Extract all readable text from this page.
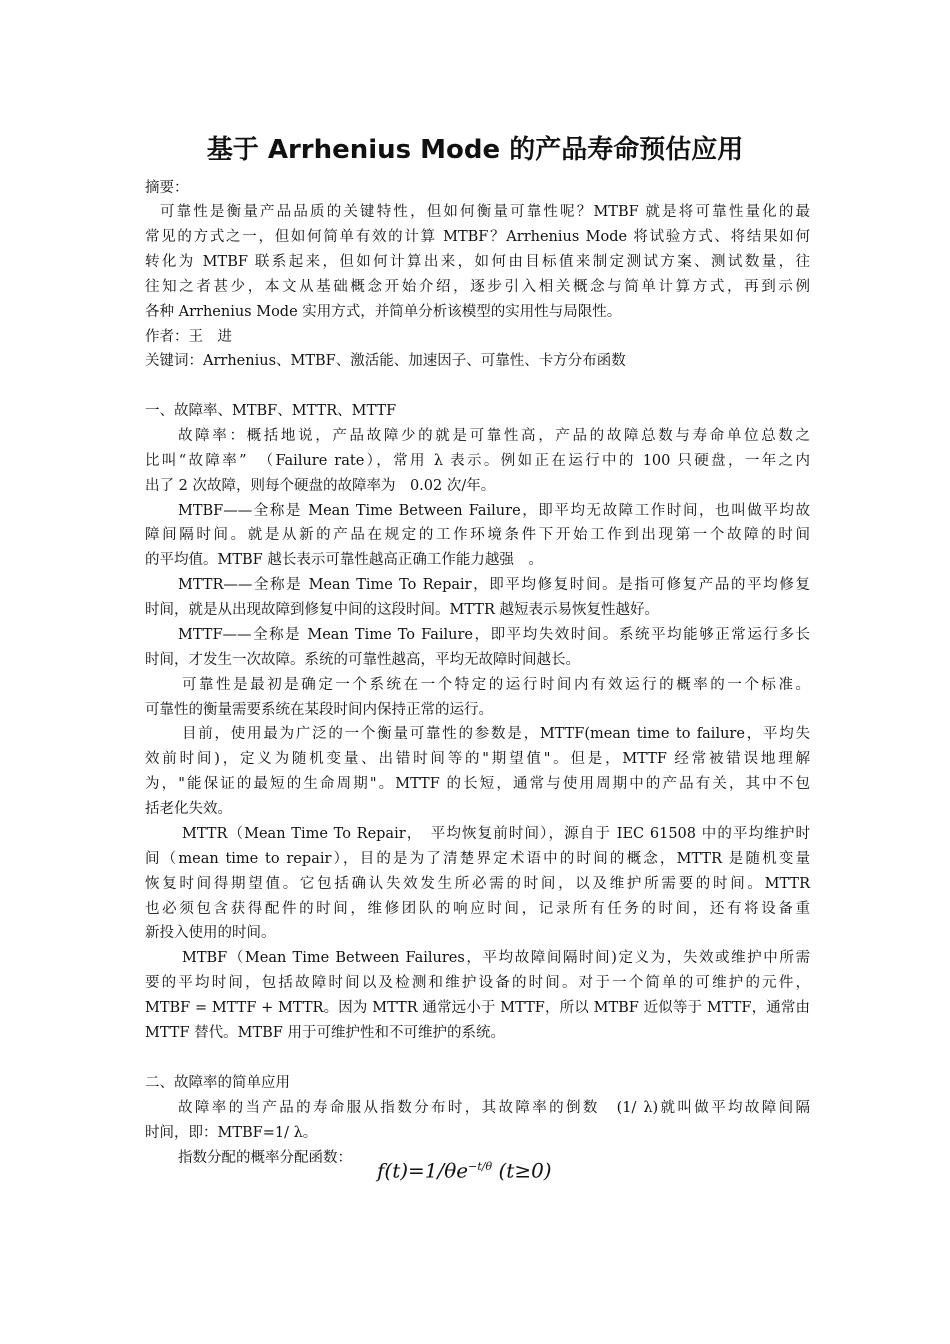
基于 Arrhenius Mode 的产品寿命预估应用
摘要：
可靠性是衡量产品品质的关键特性，但如何衡量可靠性呢？MTBF 就是将可靠性量化的最
常见的方式之一，但如何简单有效的计算 MTBF？Arrhenius Mode 将试验方式、将结果如何
转化为 MTBF 联系起来，但如何计算出来，如何由目标值来制定测试方案、测试数量，往
往知之者甚少，本文从基础概念开始介绍，逐步引入相关概念与简单计算方式，再到示例
各种 Arrhenius Mode 实用方式，并简单分析该模型的实用性与局限性。
作者：王　进
关键词：Arrhenius、MTBF、激活能、加速因子、可靠性、卡方分布函数
一、故障率、MTBF、MTTR、MTTF
故障率：概括地说，产品故障少的就是可靠性高，产品的故障总数与寿命单位总数之
比叫“故障率”　（Failure rate），常用 λ 表示。例如正在运行中的 100 只硬盘，一年之内
出了 2 次故障，则每个硬盘的故障率为　0.02 次/年。
MTBF——全称是 Mean Time Between Failure，即平均无故障工作时间，也叫做平均故
障间隔时间。就是从新的产品在规定的工作环境条件下开始工作到出现第一个故障的时间
的平均值。MTBF 越长表示可靠性越高正确工作能力越强　。
MTTR——全称是 Mean Time To Repair，即平均修复时间。是指可修复产品的平均修复
时间，就是从出现故障到修复中间的这段时间。MTTR 越短表示易恢复性越好。
MTTF——全称是 Mean Time To Failure，即平均失效时间。系统平均能够正常运行多长
时间，才发生一次故障。系统的可靠性越高，平均无故障时间越长。
可靠性是最初是确定一个系统在一个特定的运行时间内有效运行的概率的一个标准。
可靠性的衡量需要系统在某段时间内保持正常的运行。
目前，使用最为广泛的一个衡量可靠性的参数是，MTTF(mean time to failure，平均失
效前时间)，定义为随机变量、出错时间等的"期望值"。但是，MTTF 经常被错误地理解
为，"能保证的最短的生命周期"。MTTF 的长短，通常与使用周期中的产品有关，其中不包
括老化失效。
MTTR（Mean Time To Repair，　平均恢复前时间），源自于 IEC 61508 中的平均维护时
间（mean time to repair），目的是为了清楚界定术语中的时间的概念，MTTR 是随机变量
恢复时间得期望值。它包括确认失效发生所必需的时间，以及维护所需要的时间。MTTR
也必须包含获得配件的时间，维修团队的响应时间，记录所有任务的时间，还有将设备重
新投入使用的时间。
MTBF（Mean Time Between Failures，平均故障间隔时间)定义为，失效或维护中所需
要的平均时间，包括故障时间以及检测和维护设备的时间。对于一个简单的可维护的元件，
MTBF = MTTF + MTTR。因为 MTTR 通常远小于 MTTF，所以 MTBF 近似等于 MTTF，通常由
MTTF 替代。MTBF 用于可维护性和不可维护的系统。
二、故障率的简单应用
故障率的当产品的寿命服从指数分布时，其故障率的倒数　(1/ λ)就叫做平均故障间隔
时间，即：MTBF=1/ λ。
指数分配的概率分配函数：
$f(t)=1/\theta e^{-t/\theta}$ (t≥0)
